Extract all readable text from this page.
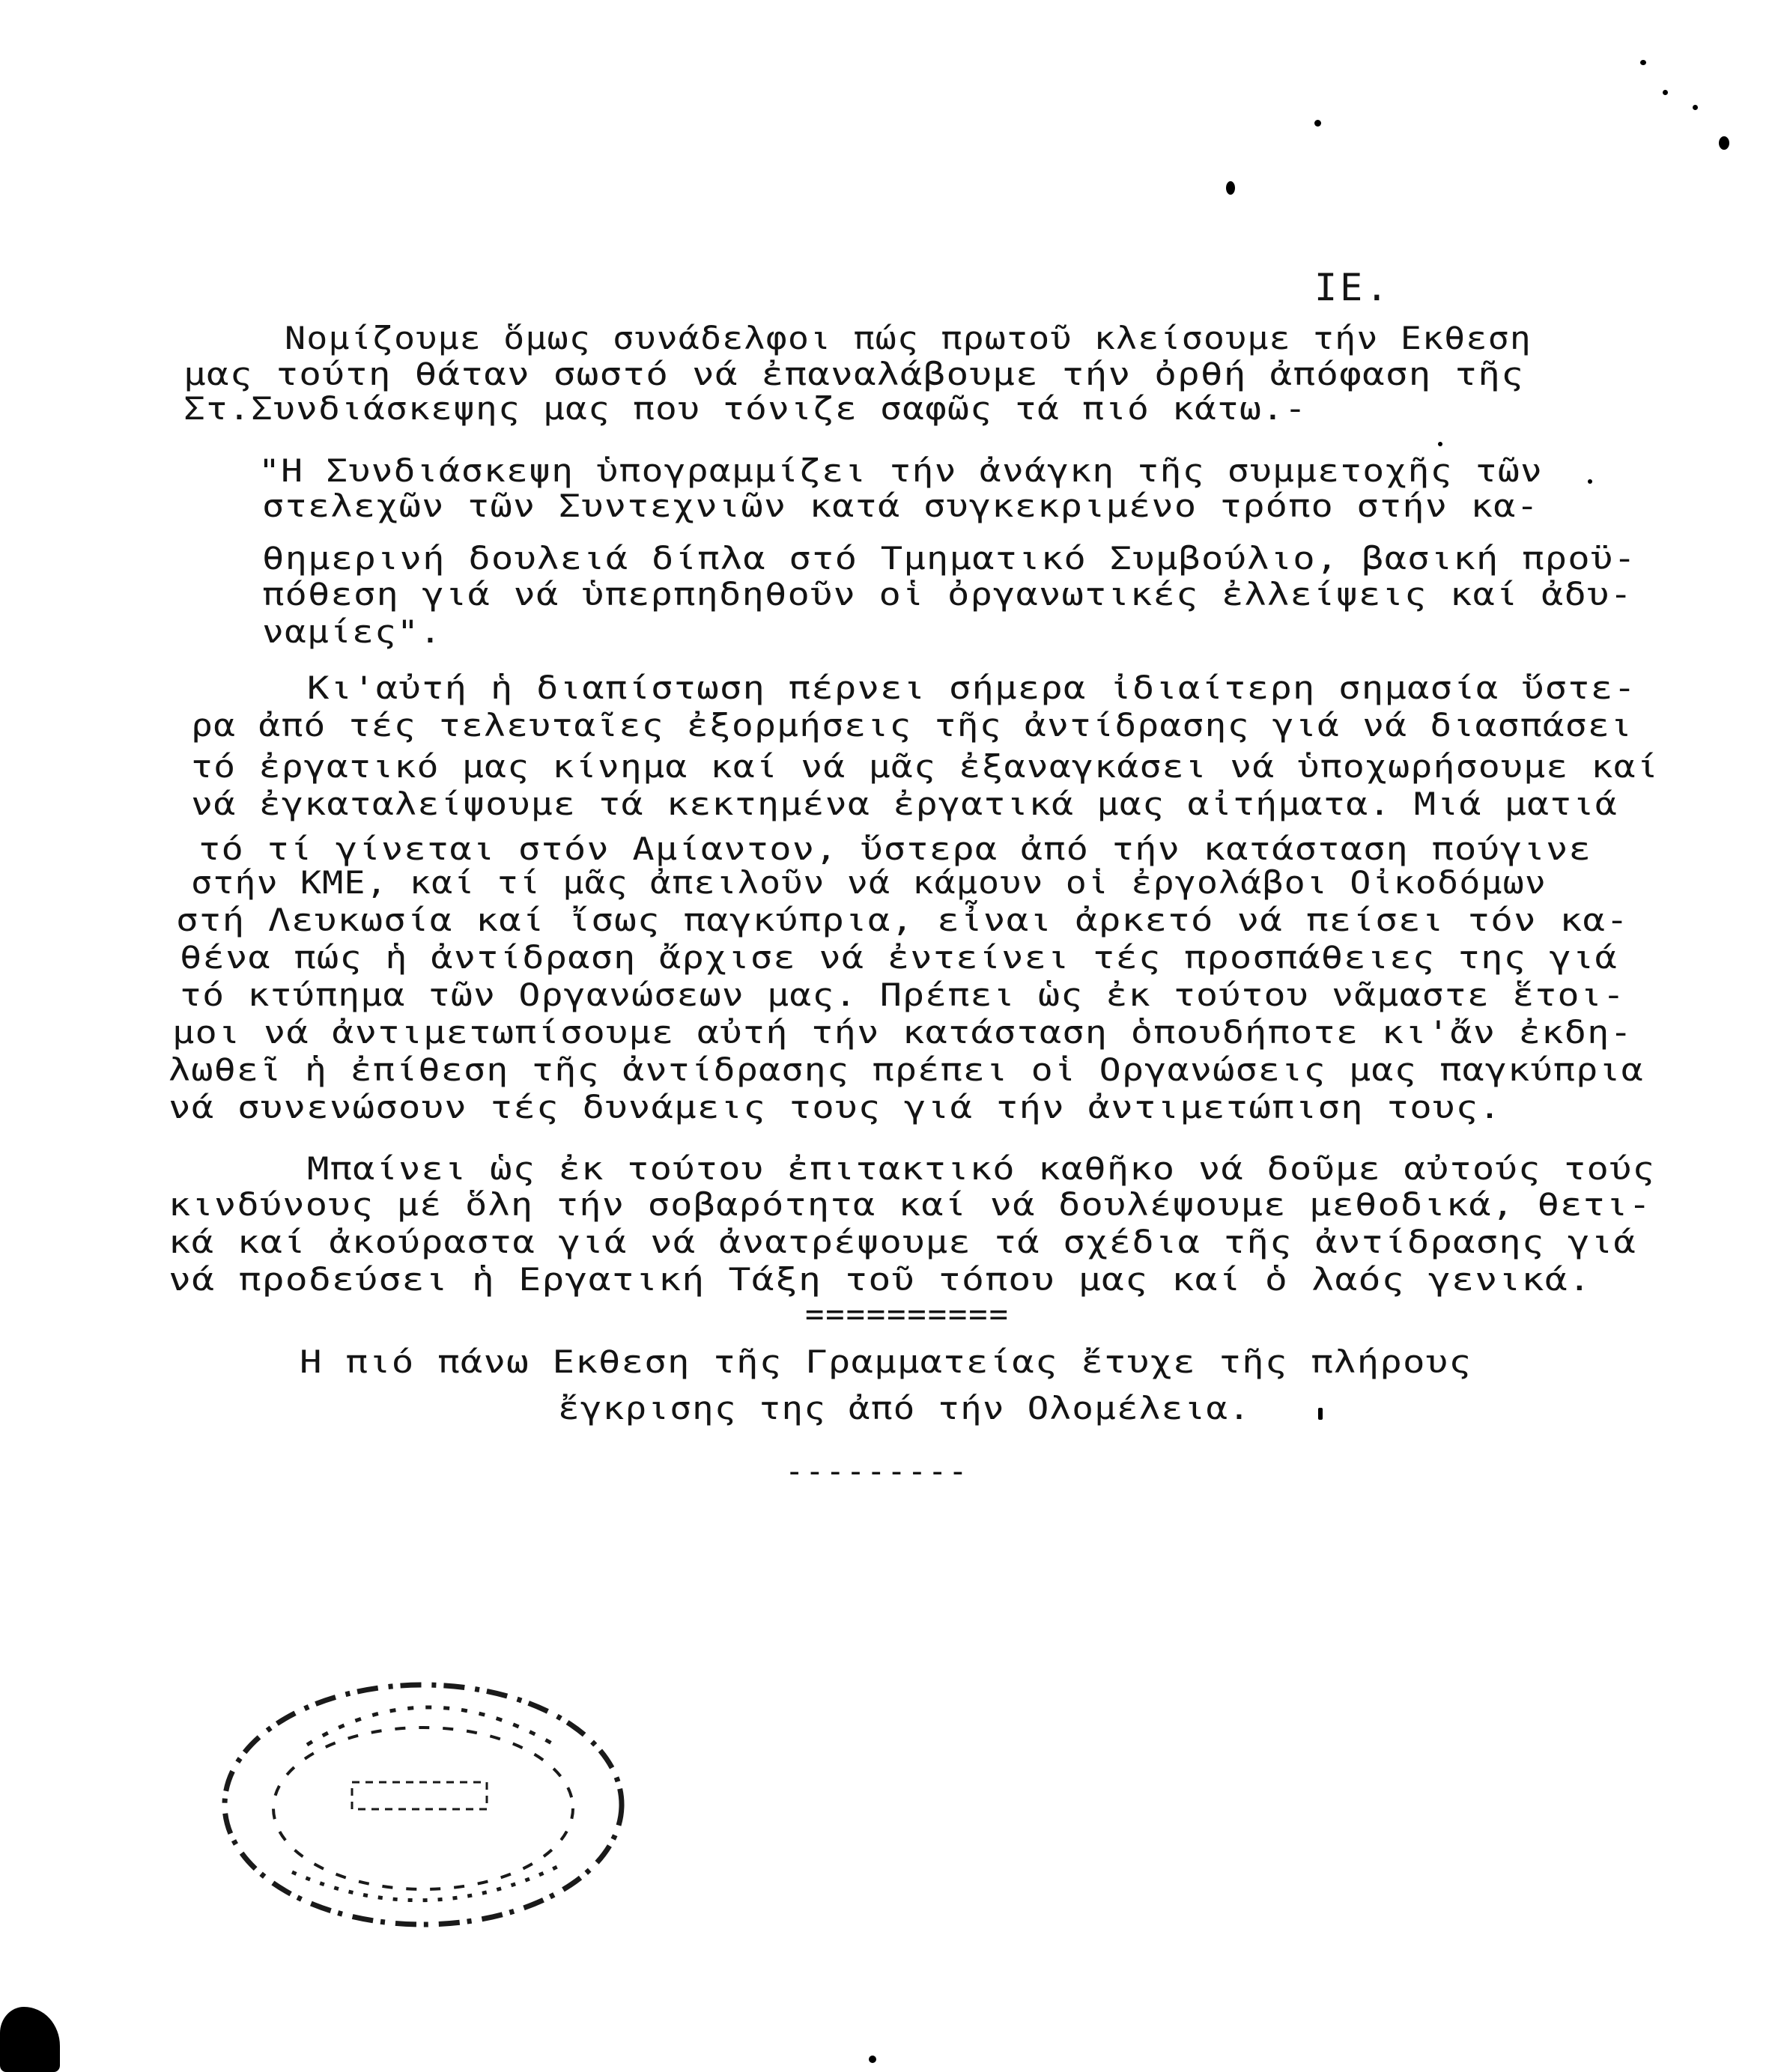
ΙΕ.
Νομίζουμε ὅμως συνάδελφοι πώς πρωτοῦ κλείσουμε τήν Εκθεση
μας τούτη θάταν σωστό νά ἐπαναλάβουμε τήν ὀρθή ἀπόφαση τῆς
Στ.Συνδιάσκεψης μας που τόνιζε σαφῶς τά πιό κάτω.-
"Η Συνδιάσκεψη ὑπογραμμίζει τήν ἀνάγκη τῆς συμμετοχῆς τῶν
στελεχῶν τῶν Συντεχνιῶν κατά συγκεκριμένο τρόπο στήν κα-
θημερινή δουλειά δίπλα στό Τμηματικό Συμβούλιο, βασική προϋ-
πόθεση γιά νά ὑπερπηδηθοῦν οἱ ὀργανωτικές ἐλλείψεις καί ἀδυ-
ναμίες".
Κι'αὐτή ἡ διαπίστωση πέρνει σήμερα ἰδιαίτερη σημασία ὕστε-
ρα ἀπό τές τελευταῖες ἐξορμήσεις τῆς ἀντίδρασης γιά νά διασπάσει
τό ἐργατικό μας κίνημα καί νά μᾶς ἐξαναγκάσει νά ὑποχωρήσουμε καί
νά ἐγκαταλείψουμε τά κεκτημένα ἐργατικά μας αἰτήματα. Μιά ματιά
τό τί γίνεται στόν Αμίαντον, ὕστερα ἀπό τήν κατάσταση πούγινε
στήν ΚΜΕ, καί τί μᾶς ἀπειλοῦν νά κάμουν οἱ ἐργολάβοι Οἰκοδόμων
στή Λευκωσία καί ἴσως παγκύπρια, εἶναι ἀρκετό νά πείσει τόν κα-
θένα πώς ἡ ἀντίδραση ἄρχισε νά ἐντείνει τές προσπάθειες της γιά
τό κτύπημα τῶν Οργανώσεων μας. Πρέπει ὡς ἐκ τούτου νᾶμαστε ἕτοι-
μοι νά ἀντιμετωπίσουμε αὐτή τήν κατάσταση ὁπουδήποτε κι'ἄν ἐκδη-
λωθεῖ ἡ ἐπίθεση τῆς ἀντίδρασης πρέπει οἱ Οργανώσεις μας παγκύπρια
νά συνενώσουν τές δυνάμεις τους γιά τήν ἀντιμετώπιση τους.
Μπαίνει ὡς ἐκ τούτου ἐπιτακτικό καθῆκο νά δοῦμε αὐτούς τούς
κινδύνους μέ ὅλη τήν σοβαρότητα καί νά δουλέψουμε μεθοδικά, θετι-
κά καί ἀκούραστα γιά νά ἀνατρέψουμε τά σχέδια τῆς ἀντίδρασης γιά
νά προδεύσει ἡ Εργατική Τάξη τοῦ τόπου μας καί ὁ λαός γενικά.
==========
Η πιό πάνω Εκθεση τῆς Γραμματείας ἔτυχε τῆς πλήρους
ἔγκρισης της ἀπό τήν Ολομέλεια.
---------
